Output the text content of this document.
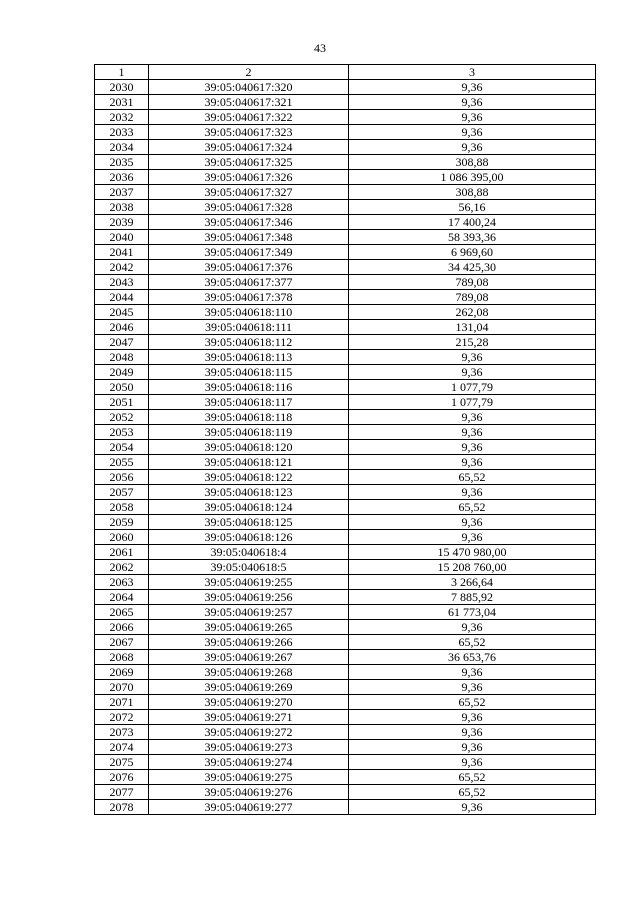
43
1	2	3
2030	39:05:040617:320	9,36
2031	39:05:040617:321	9,36
2032	39:05:040617:322	9,36
2033	39:05:040617:323	9,36
2034	39:05:040617:324	9,36
2035	39:05:040617:325	308,88
2036	39:05:040617:326	1 086 395,00
2037	39:05:040617:327	308,88
2038	39:05:040617:328	56,16
2039	39:05:040617:346	17 400,24
2040	39:05:040617:348	58 393,36
2041	39:05:040617:349	6 969,60
2042	39:05:040617:376	34 425,30
2043	39:05:040617:377	789,08
2044	39:05:040617:378	789,08
2045	39:05:040618:110	262,08
2046	39:05:040618:111	131,04
2047	39:05:040618:112	215,28
2048	39:05:040618:113	9,36
2049	39:05:040618:115	9,36
2050	39:05:040618:116	1 077,79
2051	39:05:040618:117	1 077,79
2052	39:05:040618:118	9,36
2053	39:05:040618:119	9,36
2054	39:05:040618:120	9,36
2055	39:05:040618:121	9,36
2056	39:05:040618:122	65,52
2057	39:05:040618:123	9,36
2058	39:05:040618:124	65,52
2059	39:05:040618:125	9,36
2060	39:05:040618:126	9,36
2061	39:05:040618:4	15 470 980,00
2062	39:05:040618:5	15 208 760,00
2063	39:05:040619:255	3 266,64
2064	39:05:040619:256	7 885,92
2065	39:05:040619:257	61 773,04
2066	39:05:040619:265	9,36
2067	39:05:040619:266	65,52
2068	39:05:040619:267	36 653,76
2069	39:05:040619:268	9,36
2070	39:05:040619:269	9,36
2071	39:05:040619:270	65,52
2072	39:05:040619:271	9,36
2073	39:05:040619:272	9,36
2074	39:05:040619:273	9,36
2075	39:05:040619:274	9,36
2076	39:05:040619:275	65,52
2077	39:05:040619:276	65,52
2078	39:05:040619:277	9,36
